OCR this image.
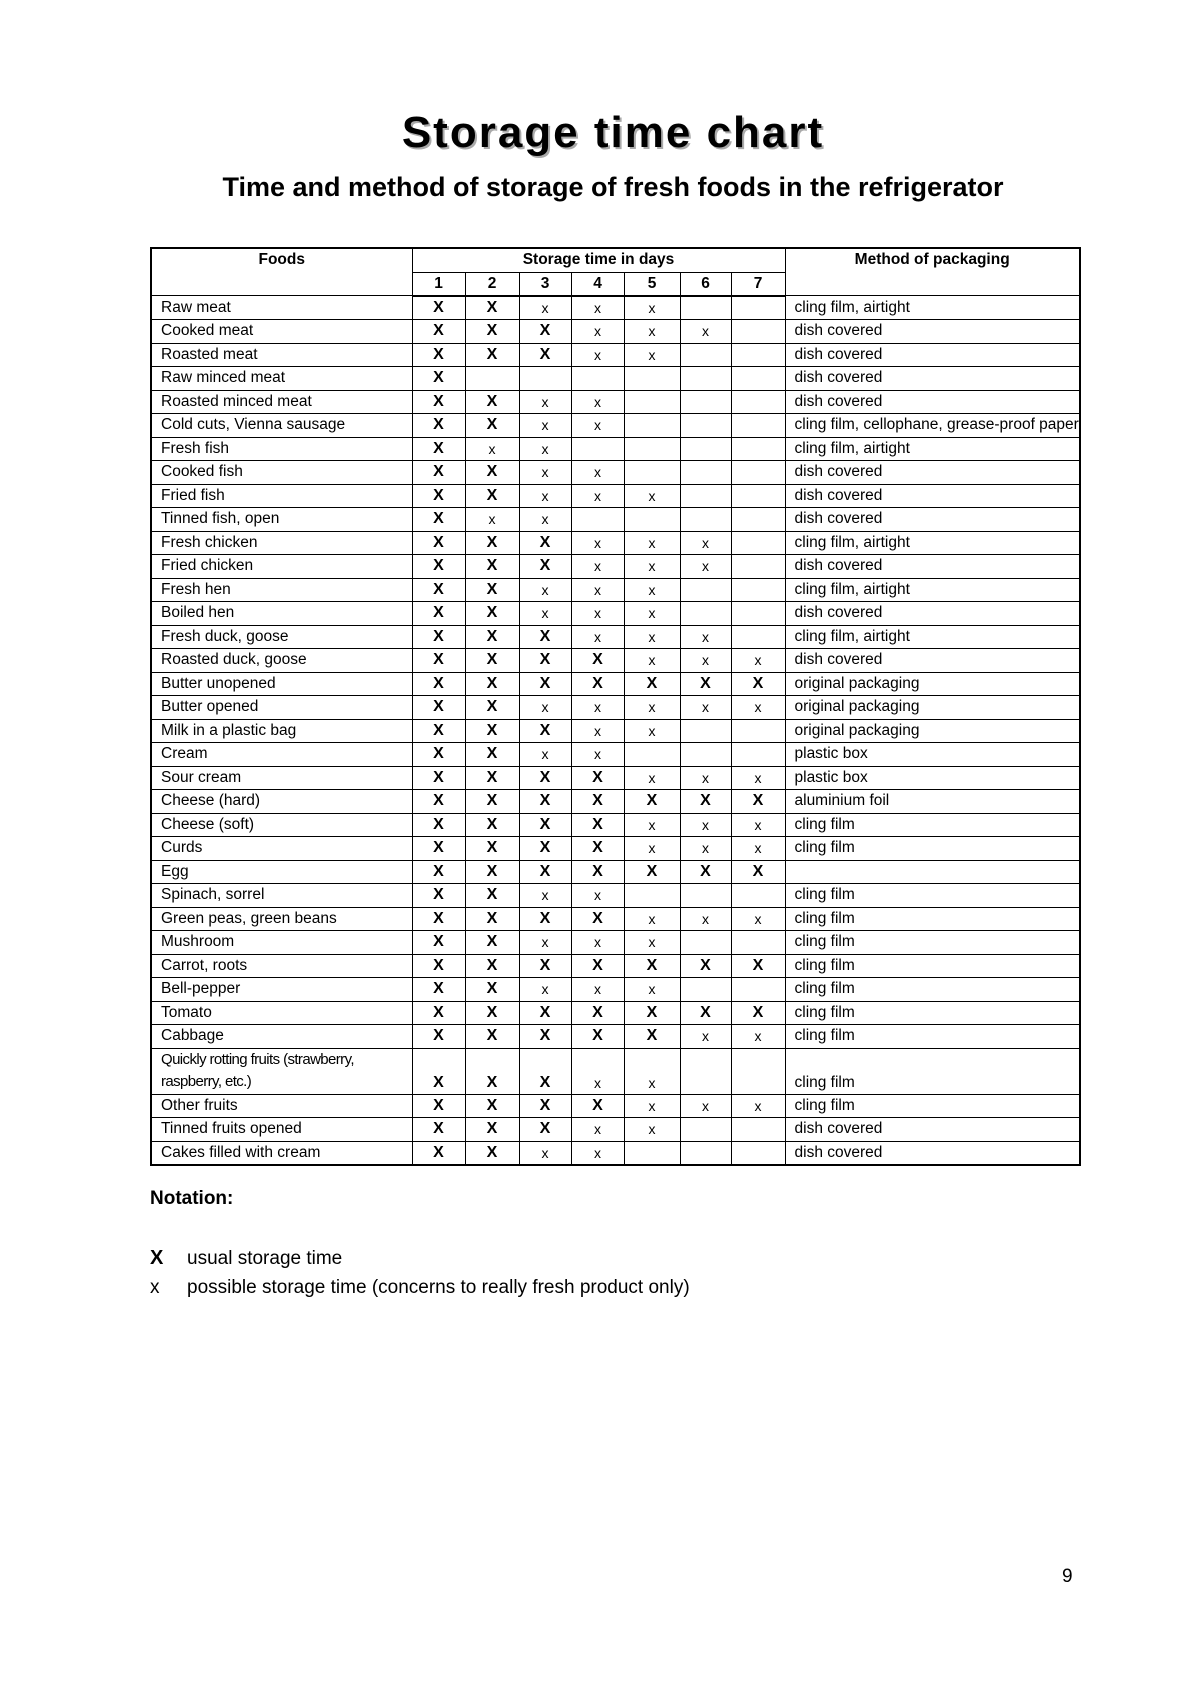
Storage time chart
Time and method of storage of fresh foods in the refrigerator
Foods	Storage time in days							Method of packaging
	1	2	3	4	5	6	7	
Raw meat	X	X	x	x	x			cling film, airtight
Cooked meat	X	X	X	x	x	x		dish covered
Roasted meat	X	X	X	x	x			dish covered
Raw minced meat	X							dish covered
Roasted minced meat	X	X	x	x				dish covered
Cold cuts, Vienna sausage	X	X	x	x				cling film, cellophane, grease-proof paper
Fresh fish	X	x	x					cling film, airtight
Cooked fish	X	X	x	x				dish covered
Fried fish	X	X	x	x	x			dish covered
Tinned fish, open	X	x	x					dish covered
Fresh chicken	X	X	X	x	x	x		cling film, airtight
Fried chicken	X	X	X	x	x	x		dish covered
Fresh hen	X	X	x	x	x			cling film, airtight
Boiled hen	X	X	x	x	x			dish covered
Fresh duck, goose	X	X	X	x	x	x		cling film, airtight
Roasted duck, goose	X	X	X	X	x	x	x	dish covered
Butter unopened	X	X	X	X	X	X	X	original packaging
Butter opened	X	X	x	x	x	x	x	original packaging
Milk in a plastic bag	X	X	X	x	x			original packaging
Cream	X	X	x	x				plastic box
Sour cream	X	X	X	X	x	x	x	plastic box
Cheese (hard)	X	X	X	X	X	X	X	aluminium foil
Cheese (soft)	X	X	X	X	x	x	x	cling film
Curds	X	X	X	X	x	x	x	cling film
Egg	X	X	X	X	X	X	X	
Spinach, sorrel	X	X	x	x				cling film
Green peas, green beans	X	X	X	X	x	x	x	cling film
Mushroom	X	X	x	x	x			cling film
Carrot, roots	X	X	X	X	X	X	X	cling film
Bell-pepper	X	X	x	x	x			cling film
Tomato	X	X	X	X	X	X	X	cling film
Cabbage	X	X	X	X	X	x	x	cling film
Quickly rotting fruits (strawberry, raspberry, etc.)	X	X	X	x	x			cling film
Other fruits	X	X	X	X	x	x	x	cling film
Tinned fruits opened	X	X	X	x	x			dish covered
Cakes filled with cream	X	X	x	x				dish covered
Notation:
X usual storage time
x possible storage time (concerns to really fresh product only)
9
